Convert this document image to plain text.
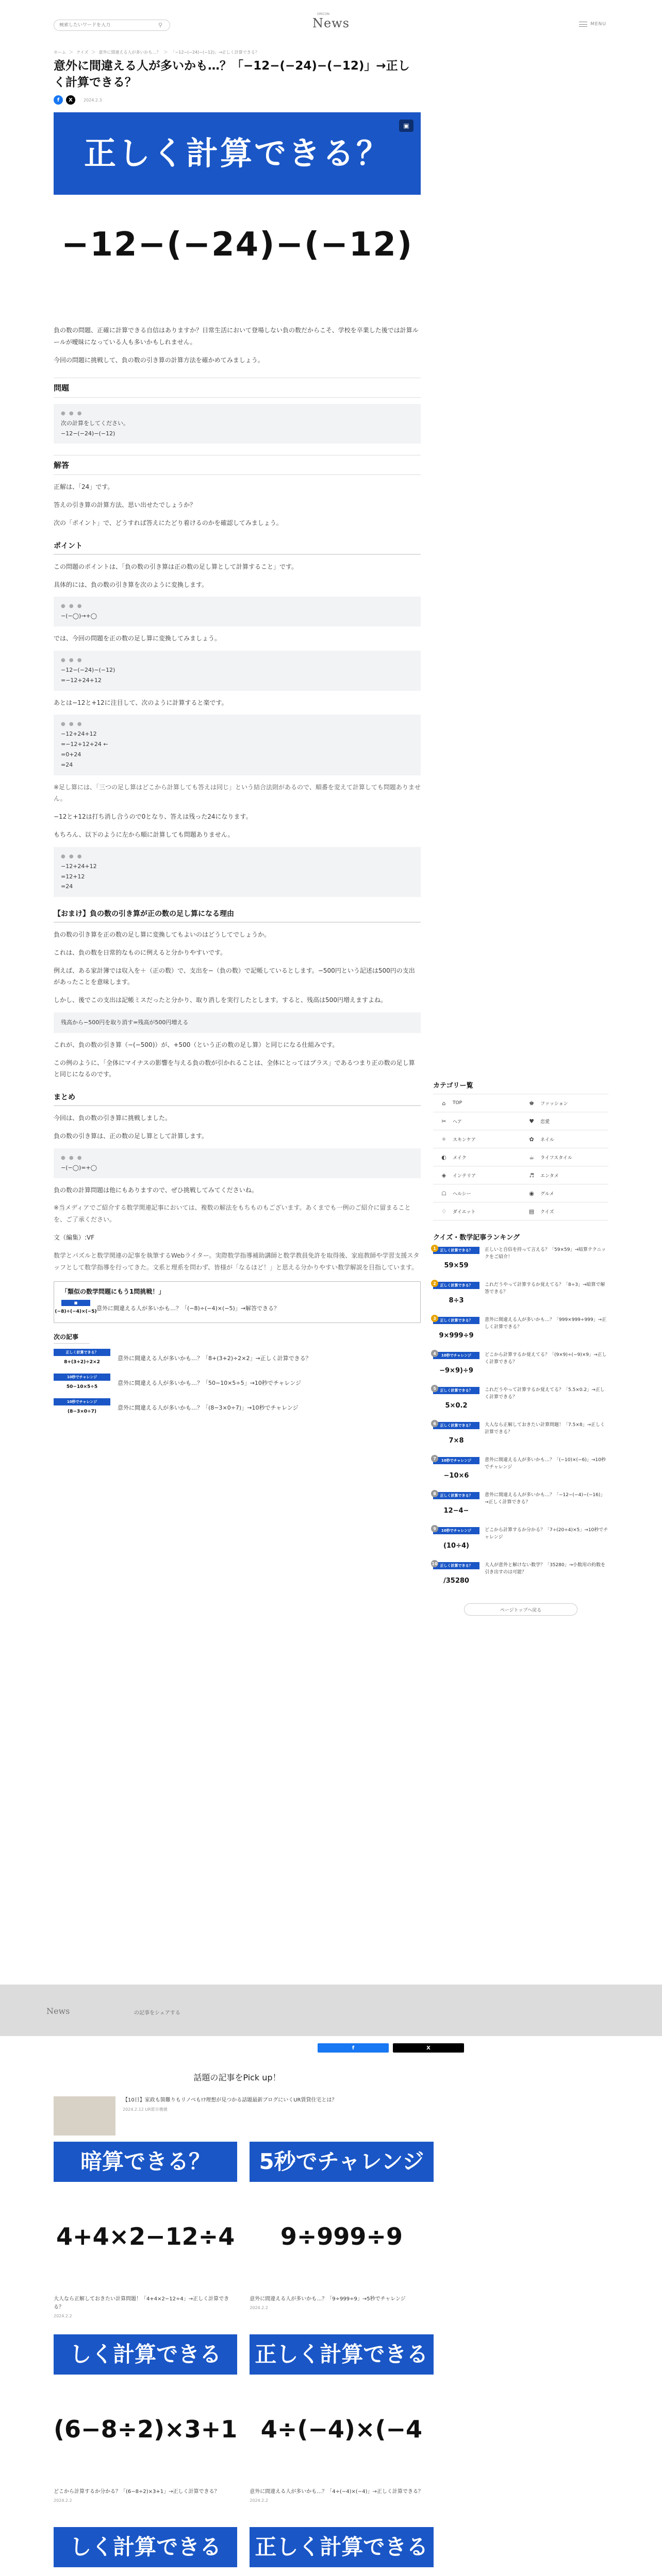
検索したいワードを入力
⚲
ORICON
News	MENU
ホーム ＞ クイズ ＞ 意外に間違える人が多いかも…？ ＞ 「−12−(−24)−(−12)」→正しく計算できる？
意外に間違える人が多いかも…？「−12−(−24)−(−12)」→正しく計算できる？
f	X	2024.2.3
正しく計算できる？
▣
−12−(−24)−(−12)

負の数の問題、正確に計算できる自信はありますか？日常生活において登場しない負の数だからこそ、学校を卒業した後では計算ルールが曖昧になっている人も多いかもしれません。

今回の問題に挑戦して、負の数の引き算の計算方法を確かめてみましょう。

問題
● ● ●
次の計算をしてください。
−12−(−24)−(−12)
解答

正解は、「24」です。

答えの引き算の計算方法、思い出せたでしょうか？

次の「ポイント」で、どうすれば答えにたどり着けるのかを確認してみましょう。

ポイント

この問題のポイントは、「負の数の引き算は正の数の足し算として計算すること」です。

具体的には、負の数の引き算を次のように変換します。

● ● ●
−(−◯)→+◯

では、今回の問題を正の数の足し算に変換してみましょう。

● ● ●
−12−(−24)−(−12)
=−12+24+12

あとは−12と+12に注目して、次のように計算すると楽です。

● ● ●
−12+24+12
=−12+12+24 ←
=0+24
=24

※足し算には、「三つの足し算はどこから計算しても答えは同じ」という結合法則があるので、順番を変えて計算しても問題ありません。

−12と+12は打ち消し合うので0となり、答えは残った24になります。

もちろん、以下のように左から順に計算しても問題ありません。

● ● ●
−12+24+12
=12+12
=24
【おまけ】負の数の引き算が正の数の足し算になる理由

負の数の引き算を正の数の足し算に変換してもよいのはどうしてでしょうか。

これは、負の数を日常的なものに例えると分かりやすいです。

例えば、ある家計簿では収入を＋（正の数）で、支出を−（負の数）で記帳しているとします。−500円という記述は500円の支出があったことを意味します。

しかし、後でこの支出は記帳ミスだったと分かり、取り消しを実行したとします。すると、残高は500円増えますよね。

残高から−500円を取り消す=残高が500円増える

これが、負の数の引き算（−(−500)）が、+500（という正の数の足し算）と同じになる仕組みです。

この例のように、「全体にマイナスの影響を与える負の数が引かれることは、全体にとってはプラス」であるつまり正の数の足し算と同じになるのです。

まとめ

今回は、負の数の引き算に挑戦しました。

負の数の引き算は、正の数の足し算として計算します。

● ● ●
−(−◯)=+◯

負の数の計算問題は他にもありますので、ぜひ挑戦してみてくださいね。

※当メディアでご紹介する数学関連記事においては、複数の解法をもちものもございます。あくまでも一例のご紹介に留まることを、ご了承ください。

文（編集）:VF

数学とパズルと数学関連の記事を執筆するWebライター。実際数学指導補助講師と数学教員免許を取得後、家庭教師や学習支援スタッフとして数学指導を行ってきた。文系と理系を問わず、皆様が「なるほど！」と思える分かりやすい数学解説を目指しています。

「類似の数学問題にもう1問挑戦！」
■
(−8)÷(−4)×(−5)
意外に間違える人が多いかも…？「(−8)÷(−4)×(−5)」→解答できる？
次の記事
正しく計算できる？
8+(3+2)÷2×2
意外に間違える人が多いかも…？「8+(3+2)÷2×2」→正しく計算できる？
10秒でチャレンジ
50−10×5÷5
意外に間違える人が多いかも…？「50−10×5÷5」→10秒でチャレンジ
10秒でチャレンジ
(8−3×0÷7)
意外に間違える人が多いかも…？「(8−3×0÷7)」→10秒でチャレンジ
カテゴリー覧
⌂	TOP	♚ ファッション
✂ ヘア	♥ 恋愛
✧ スキンケア	✿ ネイル
◐ メイク	☕ ライフスタイル
◈	インテリア	♬ エンタメ
☖ ヘルシー	◉ グルメ
♢ ダイエット	▤ クイズ
クイズ・数学記事ランキング
1	正しく計算できる？
59×59
正しいと自信を持って言える？「59×59」→暗算テクニックをご紹介！
2	正しく計算できる？
8÷3
これだうやって計算するか覚えてる？「8÷3」→暗算で解答できる？
3	正しく計算できる？
9×999÷9
意外に間違える人が多いかも…？「999×999÷999」→正しく計算できる？
4	10秒でチャレンジ
−9×9)÷9
どこから計算するか覚えてる？「(9×9)÷(−9)×9」→正しく計算できる？
5	正しく計算できる？
5×0.2
これだうやって計算するか覚えてる？「5.5×0.2」→正しく計算できる？
6	正しく計算できる？
7×8
大人なら正解しておきたい計算問題！「7.5×8」→正しく計算できる？
7	10秒でチャレンジ
−10×6
意外に間違える人が多いかも…？「(−10)×(−6)」→10秒でチャレンジ
8	正しく計算できる？
12−4−
意外に間違える人が多いかも…？「−12−(−4)−(−16)」→正しく計算できる？
9	10秒でチャレンジ
(10÷4)
どこから計算するか分かる？「7÷(20÷4)×5」→10秒でチャレンジ
10 正しく計算できる？
/35280
大人が意外と解けない数学？「35280」→小数用の約数を引き出すのは可能？
ページトップへ戻る
News	の記事をシェアする
f	X
話題の記事をPick up！
【10日】家政も箇難りもリノベも!?理想が見つかる話題最新ブログにいくUR賃貸住宅とは？
2024.2.12 UR都市機構
暗算できる？
4+4×2−12÷4
大人なら正解しておきたい計算問題！「4+4×2−12÷4」→正しく計算できる？
2024.2.2
5秒でチャレンジ
9÷999÷9
意外に間違える人が多いかも…？「9÷999÷9」→5秒でチャレンジ
2024.2.2
しく計算できる
(6−8÷2)×3+1
どこから計算するか分かる？「(6−8÷2)×3+1」→正しく計算できる？
2024.2.2
正しく計算できる
4÷(−4)×(−4
意外に間違える人が多いかも…？「4÷(−4)×(−4)」→正しく計算できる？
2024.2.2
しく計算できる	正しく計算できる
